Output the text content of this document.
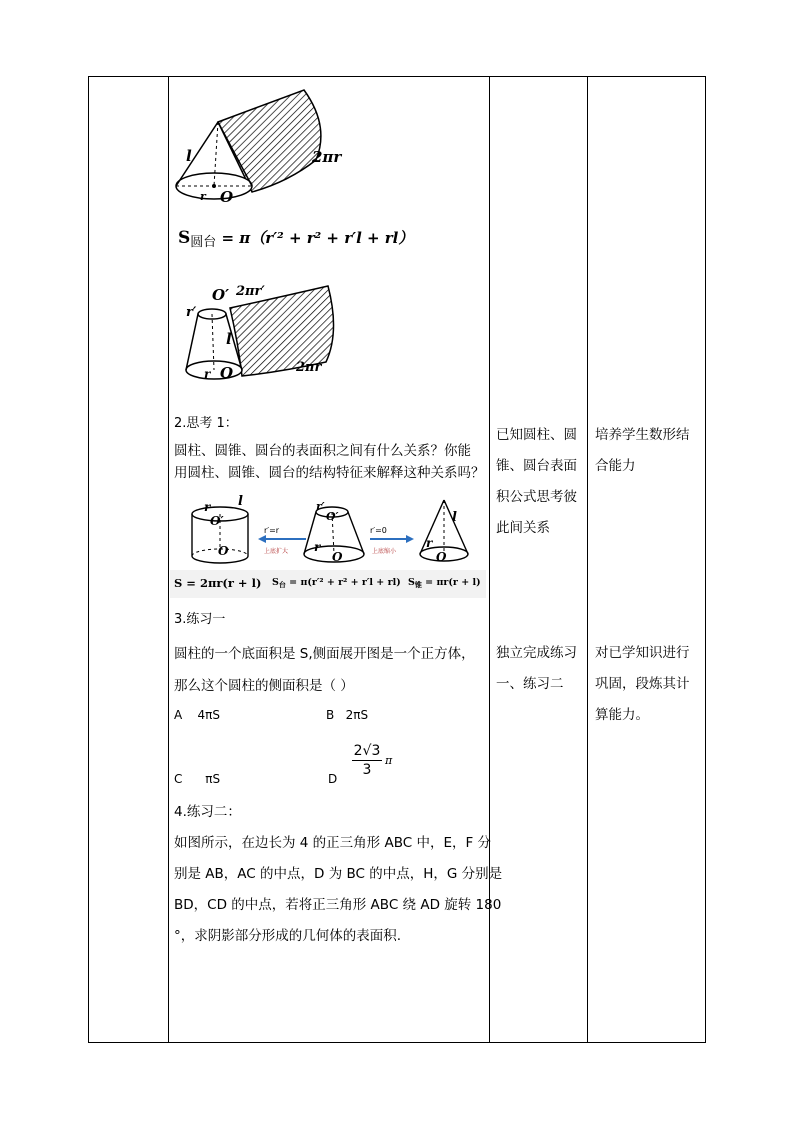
l	2πr
r O
S圆台 = π（r′² + r² + r′l + rl）
O′ 2πr′
r′
l
r O	2πr
2.思考 1：
圆柱、圆锥、圆台的表面积之间有什么关系？你能
用圆柱、圆锥、圆台的结构特征来解释这种关系吗？
r l
O′
O
r′=r
上底扩大
r′
O′
r
O
r′=0
上底缩小
l
r
O
S = 2πr(r + l) $S_台 = \pi(r'^2 + r^2 + r'l + rl) S_锥 = \pi r(r + l)$
3.练习一
圆柱的一个底面积是 S,侧面展开图是一个正方体，
那么这个圆柱的侧面积是（ ）
A    4πS	B   2πS
C      πS	D $\frac{2√3}{3}$ π
4.练习二：
如图所示，在边长为 4 的正三角形 ABC 中，E，F 分
别是 AB，AC 的中点，D 为 BC 的中点，H，G 分别是
BD，CD 的中点，若将正三角形 ABC 绕 AD 旋转 180
°，求阴影部分形成的几何体的表面积.
已知圆柱、圆
锥、圆台表面
积公式思考彼
此间关系
独立完成练习
一、练习二
培养学生数形结
合能力
对已学知识进行
巩固，段炼其计
算能力。
